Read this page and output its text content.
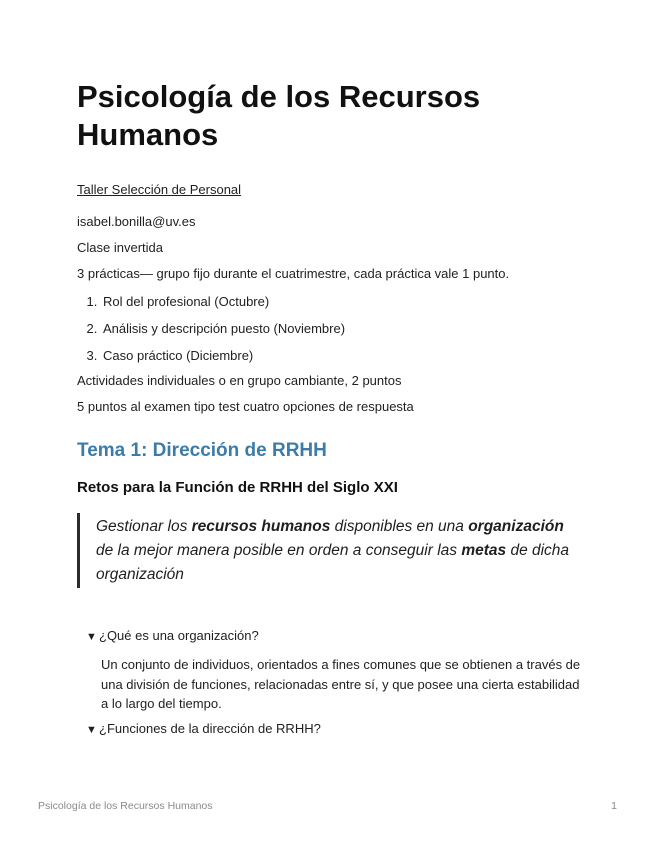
Psicología de los Recursos Humanos
Taller Selección de Personal
isabel.bonilla@uv.es
Clase invertida
3 prácticas— grupo fijo durante el cuatrimestre, cada práctica vale 1 punto.
1. Rol del profesional (Octubre)
2. Análisis y descripción puesto (Noviembre)
3. Caso práctico (Diciembre)
Actividades individuales o en grupo cambiante, 2 puntos
5 puntos al examen tipo test cuatro opciones de respuesta
Tema 1: Dirección de RRHH
Retos para la Función de RRHH del Siglo XXI
Gestionar los recursos humanos disponibles en una organización de la mejor manera posible en orden a conseguir las metas de dicha organización
▼ ¿Qué es una organización?
Un conjunto de individuos, orientados a fines comunes que se obtienen a través de una división de funciones, relacionadas entre sí, y que posee una cierta estabilidad a lo largo del tiempo.
▼ ¿Funciones de la dirección de RRHH?
Psicología de los Recursos Humanos	1
